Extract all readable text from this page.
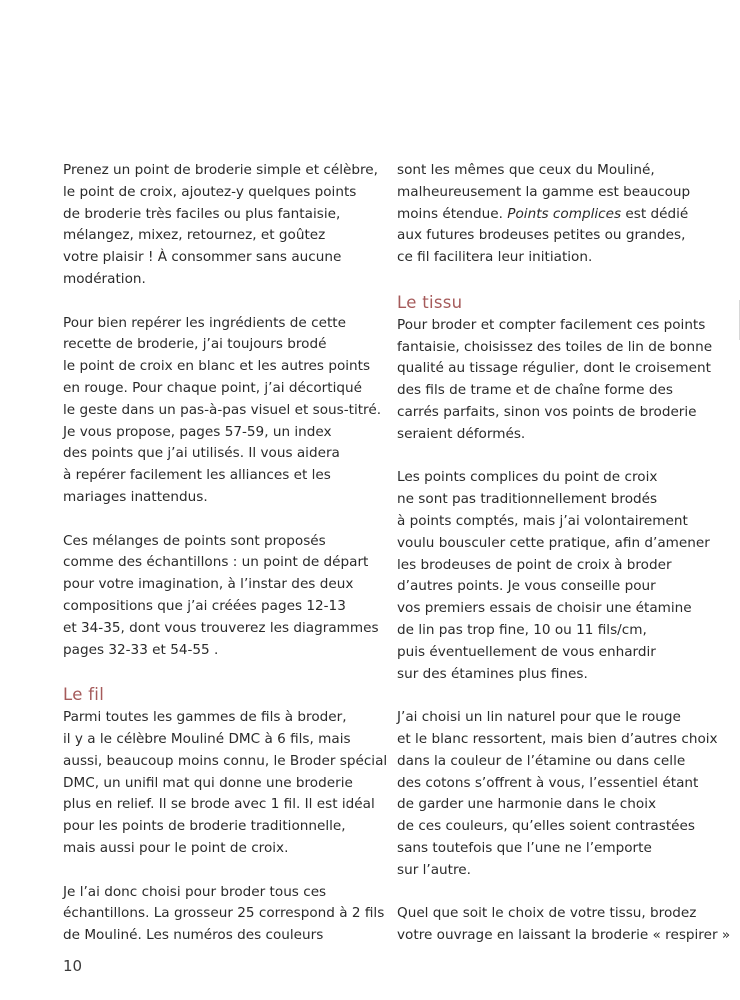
Prenez un point de broderie simple et célèbre,
le point de croix, ajoutez-y quelques points
de broderie très faciles ou plus fantaisie,
mélangez, mixez, retournez, et goûtez
votre plaisir ! À consommer sans aucune
modération.

Pour bien repérer les ingrédients de cette
recette de broderie, j’ai toujours brodé
le point de croix en blanc et les autres points
en rouge. Pour chaque point, j’ai décortiqué
le geste dans un pas-à-pas visuel et sous-titré.
Je vous propose, pages 57-59, un index
des points que j’ai utilisés. Il vous aidera
à repérer facilement les alliances et les
mariages inattendus.

Ces mélanges de points sont proposés
comme des échantillons : un point de départ
pour votre imagination, à l’instar des deux
compositions que j’ai créées pages 12-13
et 34-35, dont vous trouverez les diagrammes
pages 32-33 et 54-55 .

Le fil

Parmi toutes les gammes de fils à broder,
il y a le célèbre Mouliné DMC à 6 fils, mais
aussi, beaucoup moins connu, le Broder spécial
DMC, un unifil mat qui donne une broderie
plus en relief. Il se brode avec 1 fil. Il est idéal
pour les points de broderie traditionnelle,
mais aussi pour le point de croix.

Je l’ai donc choisi pour broder tous ces
échantillons. La grosseur 25 correspond à 2 fils
de Mouliné. Les numéros des couleurs

sont les mêmes que ceux du Mouliné,
malheureusement la gamme est beaucoup
moins étendue. Points complices est dédié
aux futures brodeuses petites ou grandes,
ce fil facilitera leur initiation.

Le tissu

Pour broder et compter facilement ces points
fantaisie, choisissez des toiles de lin de bonne
qualité au tissage régulier, dont le croisement
des fils de trame et de chaîne forme des
carrés parfaits, sinon vos points de broderie
seraient déformés.

Les points complices du point de croix
ne sont pas traditionnellement brodés
à points comptés, mais j’ai volontairement
voulu bousculer cette pratique, afin d’amener
les brodeuses de point de croix à broder
d’autres points. Je vous conseille pour
vos premiers essais de choisir une étamine
de lin pas trop fine, 10 ou 11 fils/cm,
puis éventuellement de vous enhardir
sur des étamines plus fines.

J’ai choisi un lin naturel pour que le rouge
et le blanc ressortent, mais bien d’autres choix
dans la couleur de l’étamine ou dans celle
des cotons s’offrent à vous, l’essentiel étant
de garder une harmonie dans le choix
de ces couleurs, qu’elles soient contrastées
sans toutefois que l’une ne l’emporte
sur l’autre.

Quel que soit le choix de votre tissu, brodez
votre ouvrage en laissant la broderie « respirer »

10
